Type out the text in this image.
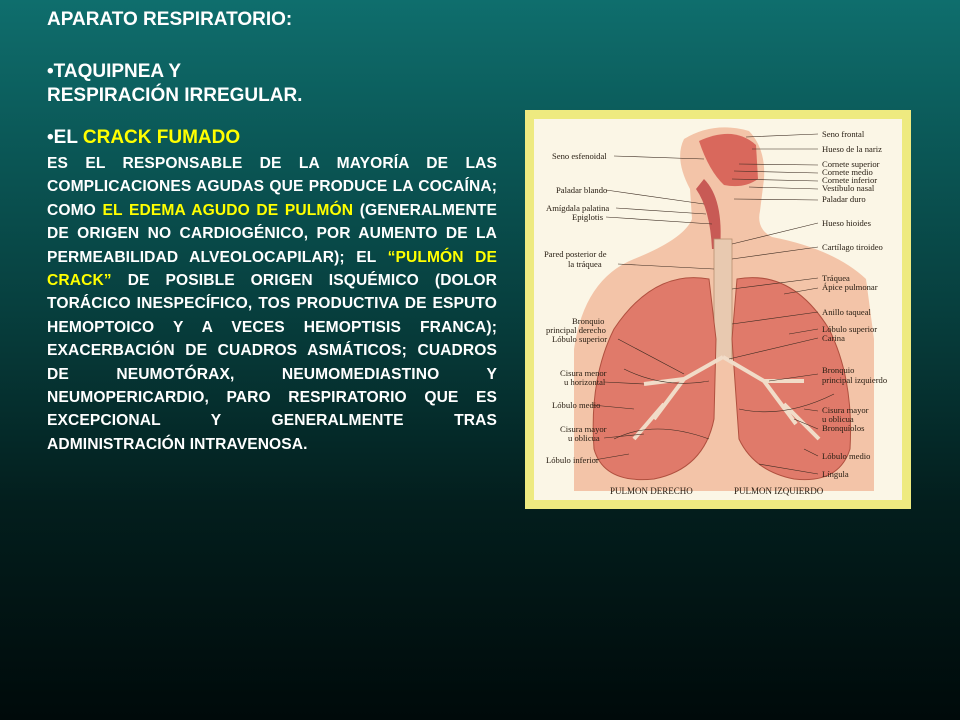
APARATO RESPIRATORIO:
•TAQUIPNEA Y
RESPIRACIÓN IRREGULAR.
•EL CRACK FUMADO
ES EL RESPONSABLE DE LA MAYORÍA DE LAS COMPLICACIONES AGUDAS QUE PRODUCE LA COCAÍNA; COMO EL EDEMA AGUDO DE PULMÓN (GENERALMENTE DE ORIGEN NO CARDIOGÉNICO, POR AUMENTO DE LA PERMEABILIDAD ALVEOLOCAPILAR); EL “PULMÓN DE CRACK” DE POSIBLE ORIGEN ISQUÉMICO (DOLOR TORÁCICO INESPECÍFICO, TOS PRODUCTIVA DE ESPUTO HEMOPTOICO Y A VECES HEMOPTISIS FRANCA); EXACERBACIÓN DE CUADROS ASMÁTICOS; CUADROS DE NEUMOTÓRAX, NEUMOMEDIASTINO Y NEUMOPERICARDIO, PARO RESPIRATORIO QUE ES EXCEPCIONAL Y GENERALMENTE TRAS ADMINISTRACIÓN INTRAVENOSA.
Seno esfenoidal
Paladar blando
Amígdala palatina
Epiglotis
Pared posterior de
la tráquea
Bronquio
principal derecho
Lóbulo superior
Cisura menor
u horizontal
Lóbulo medio
Cisura mayor
u oblicua
Lóbulo inferior
Seno frontal
Hueso de la nariz
Cornete superior
Cornete medio
Cornete inferior
Vestíbulo nasal
Paladar duro
Hueso hioides
Cartílago tiroideo
Tráquea
Ápice pulmonar
Anillo taqueal
Lóbulo superior
Carina
Bronquio
principal izquierdo
Cisura mayor
u oblicua
Bronquíolos
Lóbulo medio
Língula
PULMON DERECHO	PULMON IZQUIERDO
